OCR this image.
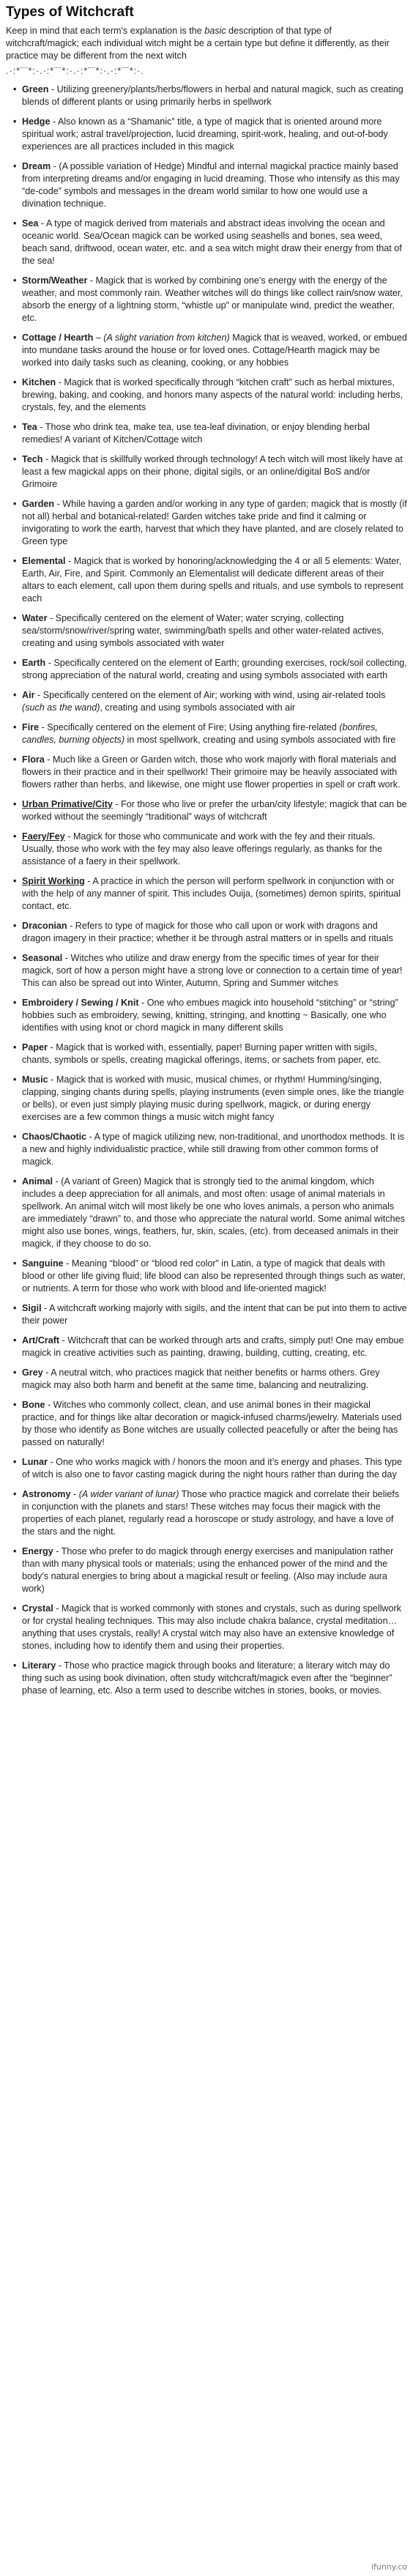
Types of Witchcraft

Keep in mind that each term's explanation is the basic description of that type of witchcraft/magick; each individual witch might be a certain type but define it differently, as their practice may be different from the next witch

.·:*¨¨*:·.·:*¨¨*:·.·:*¨¨*:·.·:*¨¨*:·.
• Green - Utilizing greenery/plants/herbs/flowers in herbal and natural magick, such as creating blends of different plants or using primarily herbs in spellwork
• Hedge - Also known as a “Shamanic” title, a type of magick that is oriented around more spiritual work; astral travel/projection, lucid dreaming, spirit-work, healing, and out-of-body experiences are all practices included in this magick
• Dream - (A possible variation of Hedge) Mindful and internal magickal practice mainly based from interpreting dreams and/or engaging in lucid dreaming. Those who intensify as this may “de-code” symbols and messages in the dream world similar to how one would use a divination technique.
• Sea - A type of magick derived from materials and abstract ideas involving the ocean and oceanic world. Sea/Ocean magick can be worked using seashells and bones, sea weed, beach sand, driftwood, ocean water, etc. and a sea witch might draw their energy from that of the sea!
• Storm/Weather - Magick that is worked by combining one’s energy with the energy of the weather, and most commonly rain. Weather witches will do things like collect rain/snow water, absorb the energy of a lightning storm, “whistle up” or manipulate wind, predict the weather, etc.
• Cottage / Hearth – (A slight variation from kitchen) Magick that is weaved, worked, or embued into mundane tasks around the house or for loved ones. Cottage/Hearth magick may be worked into daily tasks such as cleaning, cooking, or any hobbies
• Kitchen - Magick that is worked specifically through “kitchen craft” such as herbal mixtures, brewing, baking, and cooking, and honors many aspects of the natural world: including herbs, crystals, fey, and the elements
• Tea - Those who drink tea, make tea, use tea-leaf divination, or enjoy blending herbal remedies! A variant of Kitchen/Cottage witch
• Tech - Magick that is skillfully worked through technology! A tech witch will most likely have at least a few magickal apps on their phone, digital sigils, or an online/digital BoS and/or Grimoire
• Garden - While having a garden and/or working in any type of garden; magick that is mostly (if not all) herbal and botanical-related! Garden witches take pride and find it calming or invigorating to work the earth, harvest that which they have planted, and are closely related to Green type
• Elemental - Magick that is worked by honoring/acknowledging the 4 or all 5 elements: Water, Earth, Air, Fire, and Spirit. Commonly an Elementalist will dedicate different areas of their altars to each element, call upon them during spells and rituals, and use symbols to represent each
• Water - Specifically centered on the element of Water; water scrying, collecting sea/storm/snow/river/spring water, swimming/bath spells and other water-related actives, creating and using symbols associated with water
• Earth - Specifically centered on the element of Earth; grounding exercises, rock/soil collecting, strong appreciation of the natural world, creating and using symbols associated with earth
• Air - Specifically centered on the element of Air; working with wind, using air-related tools (such as the wand), creating and using symbols associated with air
• Fire - Specifically centered on the element of Fire; Using anything fire-related (bonfires, candles, burning objects) in most spellwork, creating and using symbols associated with fire
• Flora - Much like a Green or Garden witch, those who work majorly with floral materials and flowers in their practice and in their spellwork! Their grimoire may be heavily associated with flowers rather than herbs, and likewise, one might use flower properties in spell or craft work.
• Urban Primative/City - For those who live or prefer the urban/city lifestyle; magick that can be worked without the seemingly “traditional” ways of witchcraft
• Faery/Fey - Magick for those who communicate and work with the fey and their rituals. Usually, those who work with the fey may also leave offerings regularly, as thanks for the assistance of a faery in their spellwork.
• Spirit Working - A practice in which the person will perform spellwork in conjunction with or with the help of any manner of spirit. This includes Ouija, (sometimes) demon spirits, spiritual contact, etc.
• Draconian - Refers to type of magick for those who call upon or work with dragons and dragon imagery in their practice; whether it be through astral matters or in spells and rituals
• Seasonal - Witches who utilize and draw energy from the specific times of year for their magick, sort of how a person might have a strong love or connection to a certain time of year! This can also be spread out into Winter, Autumn, Spring and Summer witches
• Embroidery / Sewing / Knit - One who embues magick into household “stitching” or “string” hobbies such as embroidery, sewing, knitting, stringing, and knotting ~ Basically, one who identifies with using knot or chord magick in many different skills
• Paper - Magick that is worked with, essentially, paper! Burning paper written with sigils, chants, symbols or spells, creating magickal offerings, items, or sachets from paper, etc.
• Music - Magick that is worked with music, musical chimes, or rhythm! Humming/singing, clapping, singing chants during spells, playing instruments (even simple ones, like the triangle or bells), or even just simply playing music during spellwork, magick, or during energy exercises are a few common things a music witch might fancy
• Chaos/Chaotic - A type of magick utilizing new, non-traditional, and unorthodox methods. It is a new and highly individualistic practice, while still drawing from other common forms of magick.
• Animal - (A variant of Green) Magick that is strongly tied to the animal kingdom, which includes a deep appreciation for all animals, and most often: usage of animal materials in spellwork. An animal witch will most likely be one who loves animals, a person who animals are immediately “drawn” to, and those who appreciate the natural world. Some animal witches might also use bones, wings, feathers, fur, skin, scales, (etc). from deceased animals in their magick, if they choose to do so.
• Sanguine - Meaning “blood” or “blood red color” in Latin, a type of magick that deals with blood or other life giving fluid; life blood can also be represented through things such as water, or nutrients. A term for those who work with blood and life-oriented magick!
• Sigil - A witchcraft working majorly with sigils, and the intent that can be put into them to active their power
• Art/Craft - Witchcraft that can be worked through arts and crafts, simply put! One may embue magick in creative activities such as painting, drawing, building, cutting, creating, etc.
• Grey - A neutral witch, who practices magick that neither benefits or harms others. Grey magick may also both harm and benefit at the same time, balancing and neutralizing.
• Bone - Witches who commonly collect, clean, and use animal bones in their magickal practice, and for things like altar decoration or magick-infused charms/jewelry. Materials used by those who identify as Bone witches are usually collected peacefully or after the being has passed on naturally!
• Lunar - One who works magick with / honors the moon and it’s energy and phases. This type of witch is also one to favor casting magick during the night hours rather than during the day
• Astronomy - (A wider variant of lunar) Those who practice magick and correlate their beliefs in conjunction with the planets and stars! These witches may focus their magick with the properties of each planet, regularly read a horoscope or study astrology, and have a love of the stars and the night.
• Energy - Those who prefer to do magick through energy exercises and manipulation rather than with many physical tools or materials; using the enhanced power of the mind and the body’s natural energies to bring about a magickal result or feeling. (Also may include aura work)
• Crystal - Magick that is worked commonly with stones and crystals, such as during spellwork or for crystal healing techniques. This may also include chakra balance, crystal meditation… anything that uses crystals, really! A crystal witch may also have an extensive knowledge of stones, including how to identify them and using their properties.
• Literary - Those who practice magick through books and literature; a literary witch may do thing such as using book divination, often study witchcraft/magick even after the “beginner” phase of learning, etc. Also a term used to describe witches in stories, books, or movies.
ifunny.co
